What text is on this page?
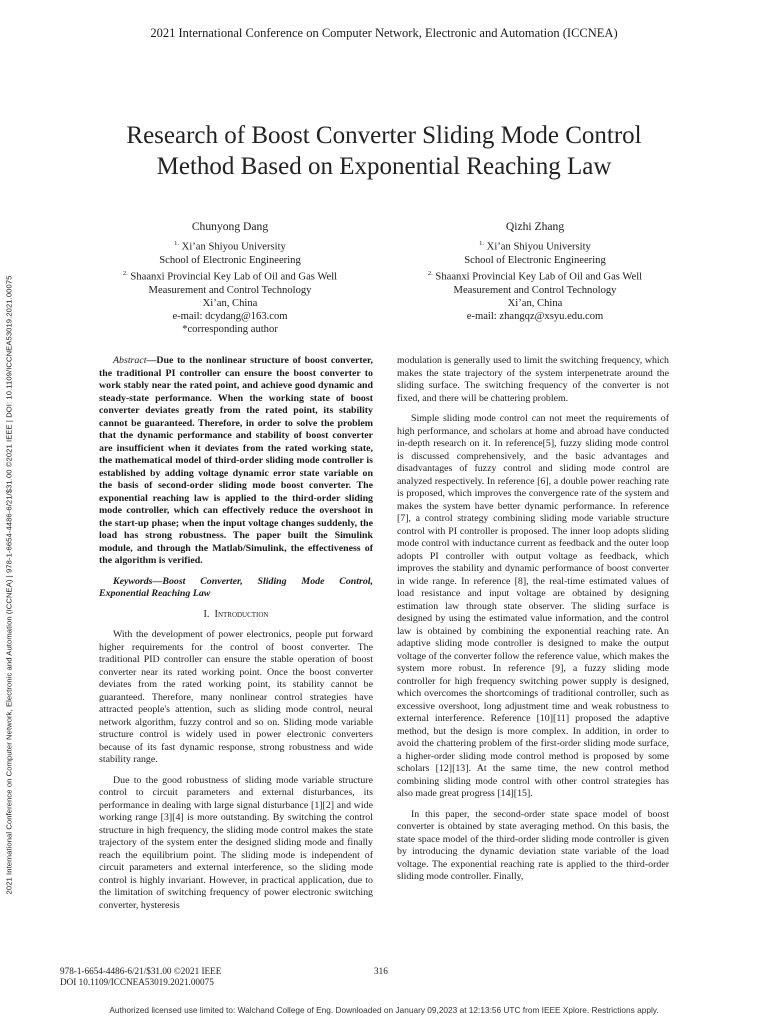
2021 International Conference on Computer Network, Electronic and Automation (ICCNEA)
Research of Boost Converter Sliding Mode Control
Method Based on Exponential Reaching Law
2021 International Conference on Computer Network, Electronic and Automation (ICCNEA) | 978-1-6654-4486-6/21/$31.00 ©2021 IEEE | DOI: 10.1109/ICCNEA53019.2021.00075
Chunyong Dang
$^{1.}$ Xi’an Shiyou University
School of Electronic Engineering
$^{2.}$ Shaanxi Provincial Key Lab of Oil and Gas Well
Measurement and Control Technology
Xi’an, China
e-mail: dcydang@163.com
*corresponding author
Qizhi Zhang
$^{1.}$ Xi’an Shiyou University
School of Electronic Engineering
$^{2.}$ Shaanxi Provincial Key Lab of Oil and Gas Well
Measurement and Control Technology
Xi’an, China
e-mail: zhangqz@xsyu.edu.com

Abstract—Due to the nonlinear structure of boost converter, the traditional PI controller can ensure the boost converter to work stably near the rated point, and achieve good dynamic and steady-state performance. When the working state of boost converter deviates greatly from the rated point, its stability cannot be guaranteed. Therefore, in order to solve the problem that the dynamic performance and stability of boost converter are insufficient when it deviates from the rated working state, the mathematical model of third-order sliding mode controller is established by adding voltage dynamic error state variable on the basis of second-order sliding mode boost converter. The exponential reaching law is applied to the third-order sliding mode controller, which can effectively reduce the overshoot in the start-up phase; when the input voltage changes suddenly, the load has strong robustness. The paper built the Simulink module, and through the Matlab/Simulink, the effectiveness of the algorithm is verified.

Keywords—Boost Converter, Sliding Mode Control, Exponential Reaching Law

I. Introduction

With the development of power electronics, people put forward higher requirements for the control of boost converter. The traditional PID controller can ensure the stable operation of boost converter near its rated working point. Once the boost converter deviates from the rated working point, its stability cannot be guaranteed. Therefore, many nonlinear control strategies have attracted people's attention, such as sliding mode control, neural network algorithm, fuzzy control and so on. Sliding mode variable structure control is widely used in power electronic converters because of its fast dynamic response, strong robustness and wide stability range.

Due to the good robustness of sliding mode variable structure control to circuit parameters and external disturbances, its performance in dealing with large signal disturbance [1][2] and wide working range [3][4] is more outstanding. By switching the control structure in high frequency, the sliding mode control makes the state trajectory of the system enter the designed sliding mode and finally reach the equilibrium point. The sliding mode is independent of circuit parameters and external interference, so the sliding mode control is highly invariant. However, in practical application, due to the limitation of switching frequency of power electronic switching converter, hysteresis

modulation is generally used to limit the switching frequency, which makes the state trajectory of the system interpenetrate around the sliding surface. The switching frequency of the converter is not fixed, and there will be chattering problem.

Simple sliding mode control can not meet the requirements of high performance, and scholars at home and abroad have conducted in-depth research on it. In reference[5], fuzzy sliding mode control is discussed comprehensively, and the basic advantages and disadvantages of fuzzy control and sliding mode control are analyzed respectively. In reference [6], a double power reaching rate is proposed, which improves the convergence rate of the system and makes the system have better dynamic performance. In reference [7], a control strategy combining sliding mode variable structure control with PI controller is proposed. The inner loop adopts sliding mode control with inductance current as feedback and the outer loop adopts PI controller with output voltage as feedback, which improves the stability and dynamic performance of boost converter in wide range. In reference [8], the real-time estimated values of load resistance and input voltage are obtained by designing estimation law through state observer. The sliding surface is designed by using the estimated value information, and the control law is obtained by combining the exponential reaching rate. An adaptive sliding mode controller is designed to make the output voltage of the converter follow the reference value, which makes the system more robust. In reference [9], a fuzzy sliding mode controller for high frequency switching power supply is designed, which overcomes the shortcomings of traditional controller, such as excessive overshoot, long adjustment time and weak robustness to external interference. Reference [10][11] proposed the adaptive method, but the design is more complex. In addition, in order to avoid the chattering problem of the first-order sliding mode surface, a higher-order sliding mode control method is proposed by some scholars [12][13]. At the same time, the new control method combining sliding mode control with other control strategies has also made great progress [14][15].

In this paper, the second-order state space model of boost converter is obtained by state averaging method. On this basis, the state space model of the third-order sliding mode controller is given by introducing the dynamic deviation state variable of the load voltage. The exponential reaching rate is applied to the third-order sliding mode controller. Finally,

978-1-6654-4486-6/21/$31.00 ©2021 IEEE
DOI 10.1109/ICCNEA53019.2021.00075
316
Authorized licensed use limited to: Walchand College of Eng. Downloaded on January 09,2023 at 12:13:56 UTC from IEEE Xplore. Restrictions apply.
